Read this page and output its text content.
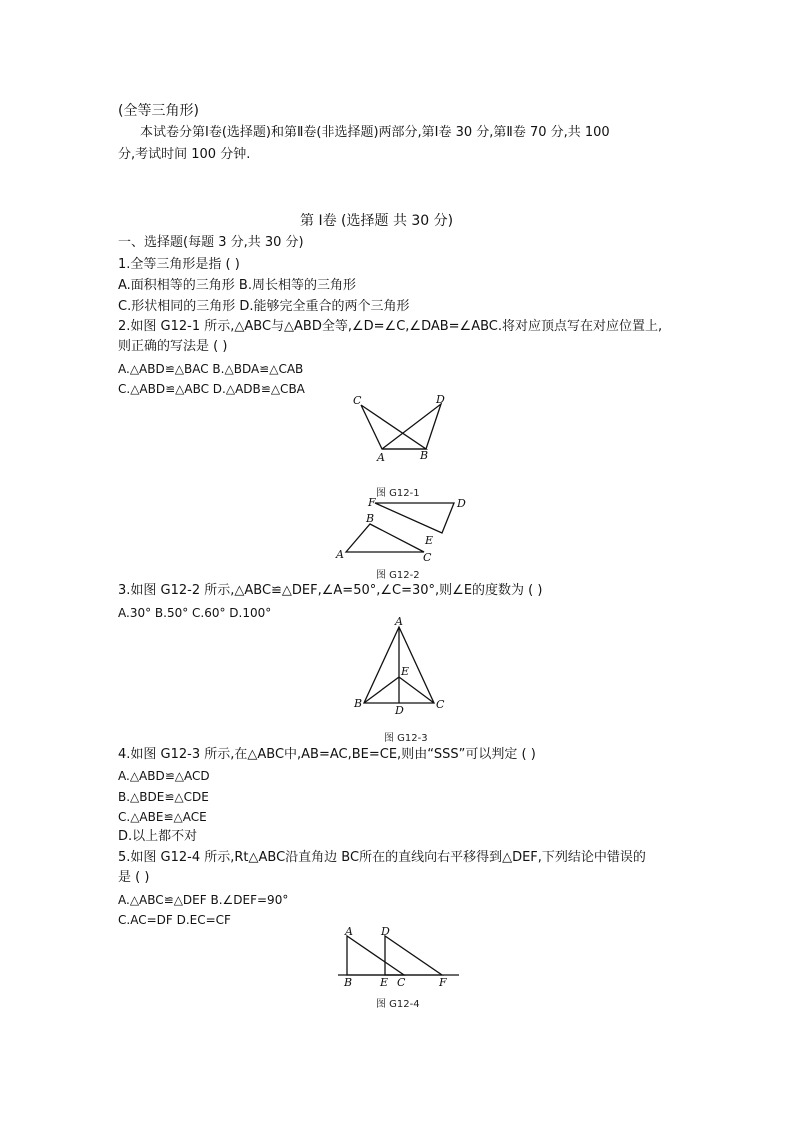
(全等三角形)
本试卷分第Ⅰ卷(选择题)和第Ⅱ卷(非选择题)两部分,第Ⅰ卷 30 分,第Ⅱ卷 70 分,共 100
分,考试时间 100 分钟.
第 Ⅰ卷 (选择题 共 30 分)
一、选择题(每题 3 分,共 30 分)
1.全等三角形是指 ( )
A.面积相等的三角形 B.周长相等的三角形
C.形状相同的三角形 D.能够完全重合的两个三角形
2.如图 G12-1 所示,△ABC与△ABD全等,∠D=∠C,∠DAB=∠ABC.将对应顶点写在对应位置上,
则正确的写法是 ( )
A.△ABD≌△BAC B.△BDA≌△CAB
C.△ABD≌△ABC D.△ADB≌△CBA
C	D
A	B
图 G12-1
F	D
B
E
A	C
图 G12-2
3.如图 G12-2 所示,△ABC≌△DEF,∠A=50°,∠C=30°,则∠E的度数为 ( )
A.30° B.50° C.60° D.100°
A
E
B
D	C
图 G12-3
4.如图 G12-3 所示,在△ABC中,AB=AC,BE=CE,则由“SSS”可以判定 ( )
A.△ABD≌△ACD
B.△BDE≌△CDE
C.△ABE≌△ACE
D.以上都不对
5.如图 G12-4 所示,Rt△ABC沿直角边 BC所在的直线向右平移得到△DEF,下列结论中错误的
是 ( )
A.△ABC≌△DEF B.∠DEF=90°
C.AC=DF D.EC=CF
A	D
B	E C	F
图 G12-4
